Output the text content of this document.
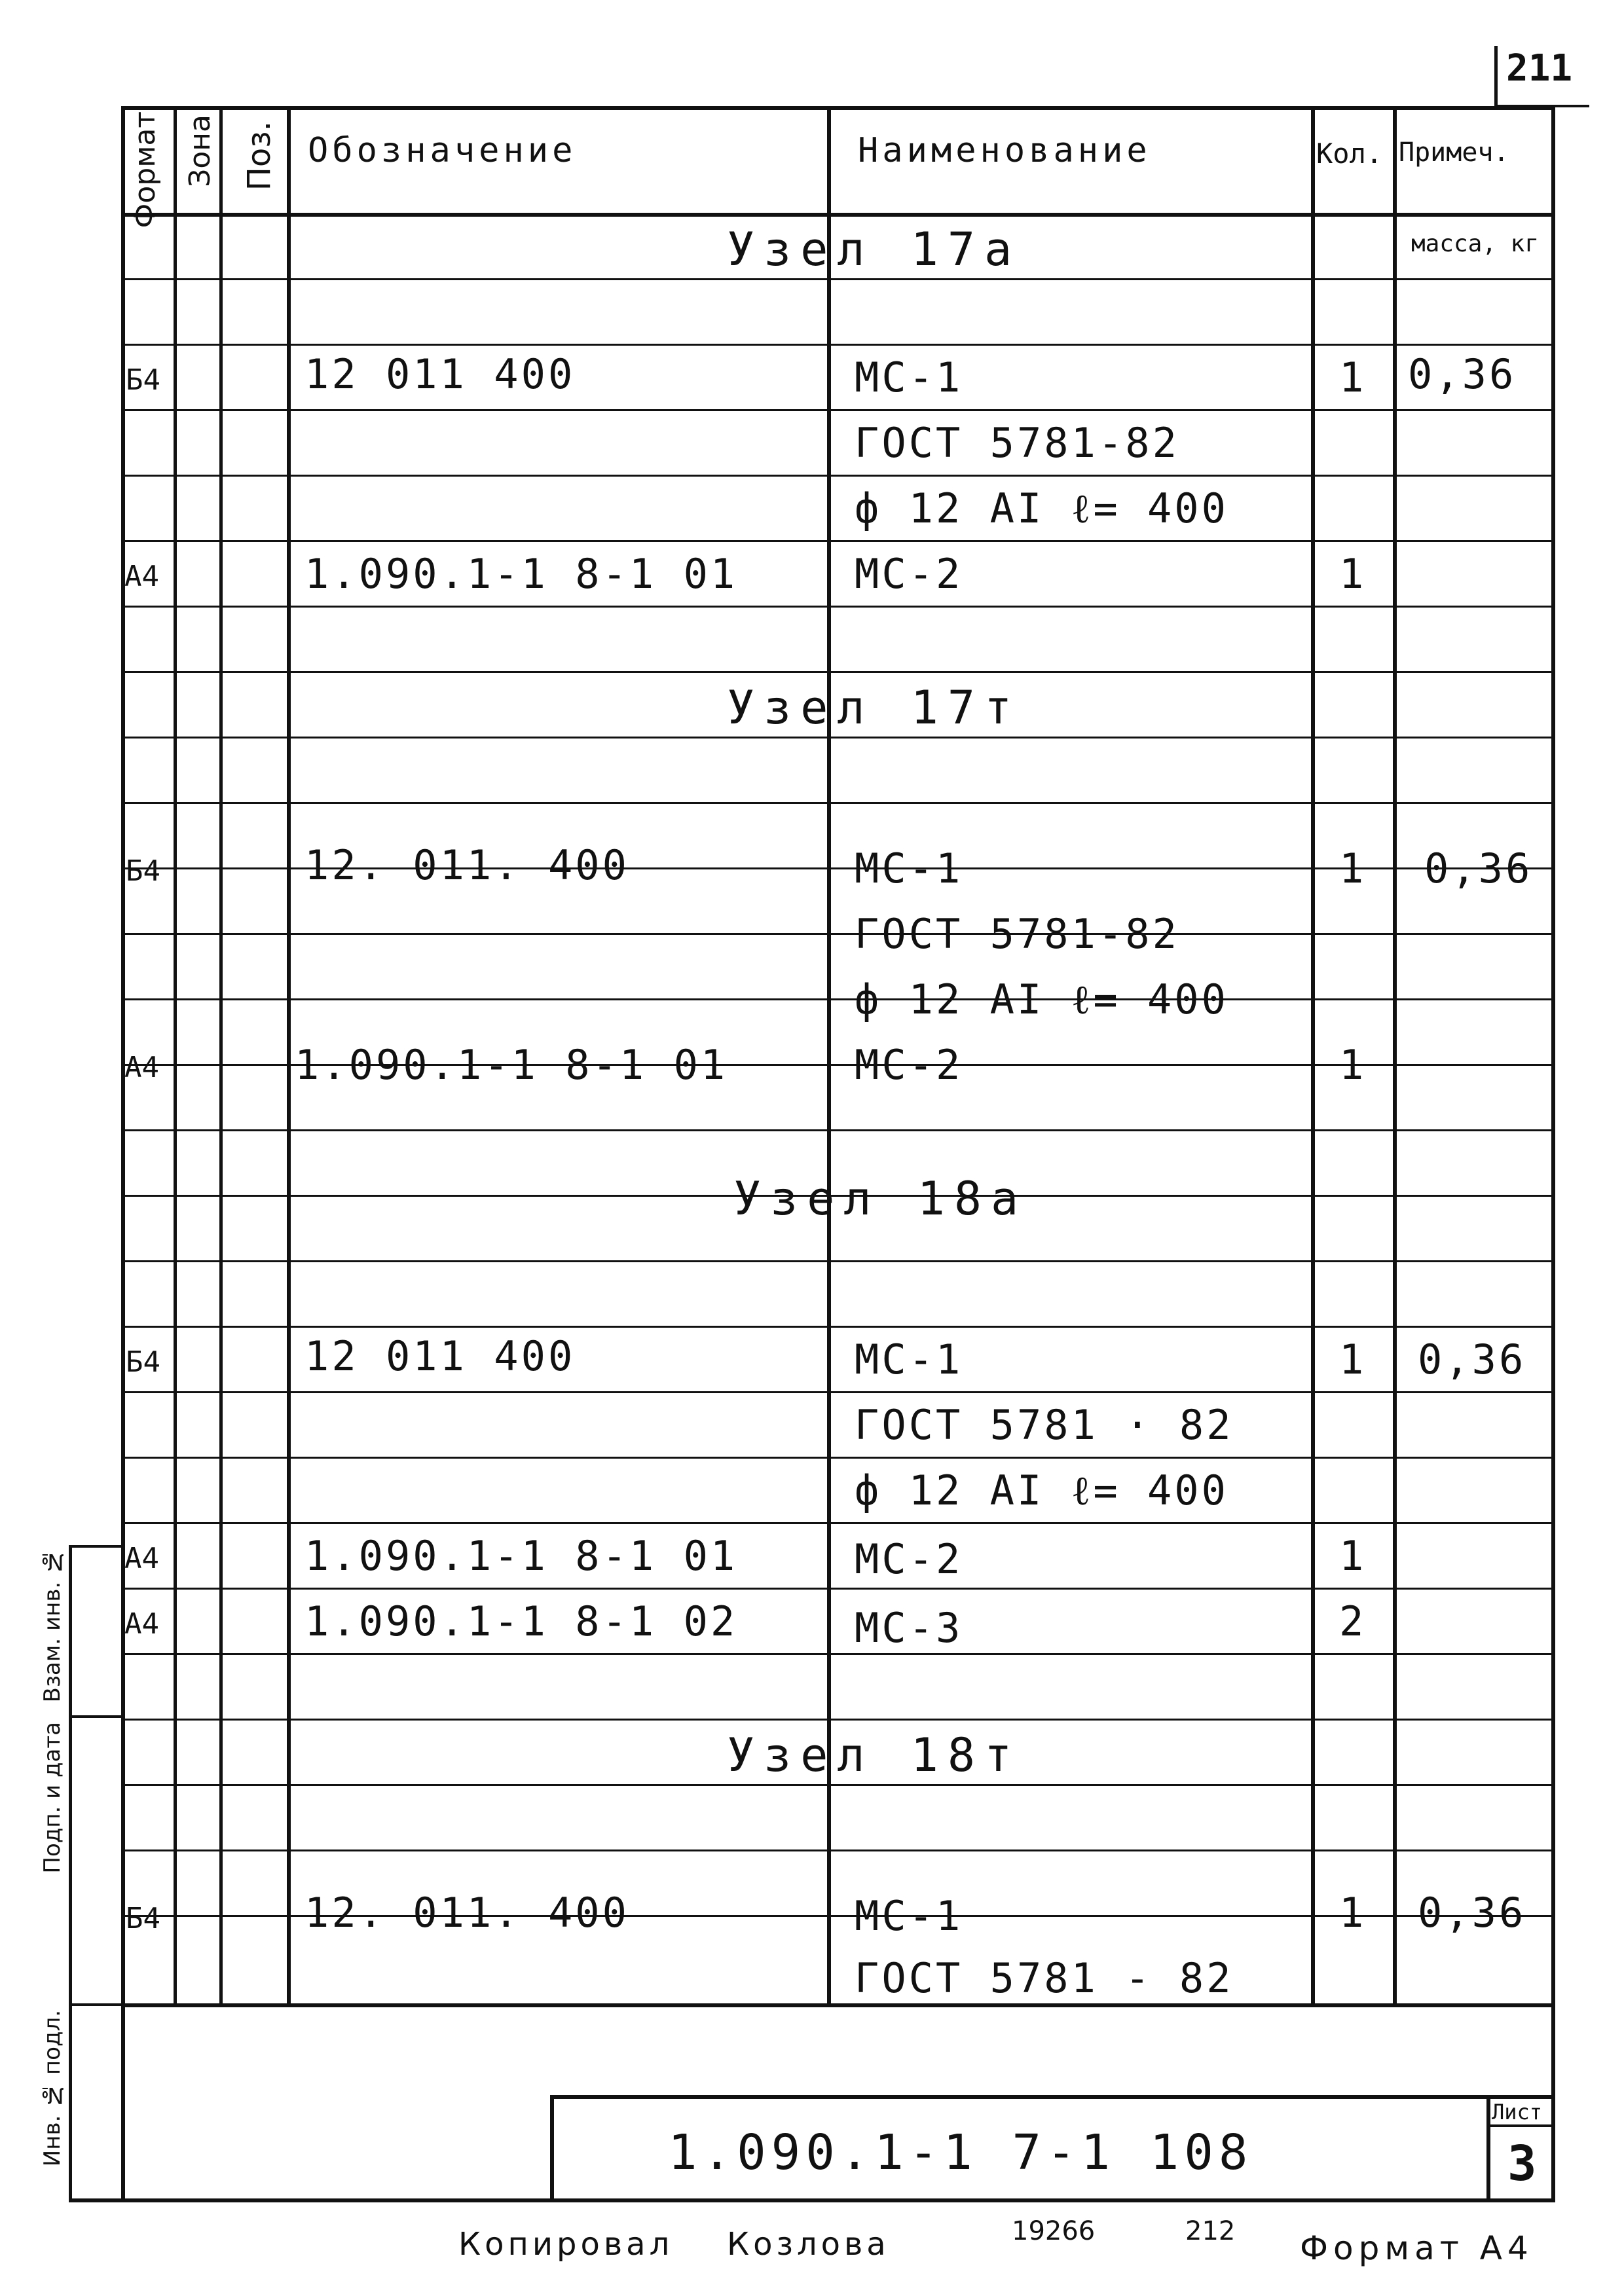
211
Формат Зона Поз. Обозначение	Наименование	Кол. Примеч.
масса, кг
Узел 17а
Б4	12 011 400	МС-1	1 0,36
ГОСТ 5781-82
ф 12 АI ℓ= 400
А4	1.090.1-1 8-1 01	МС-2	1
Узел 17т
Б4	12. 011. 400	МС-1	1 0,36
ГОСТ 5781-82
ф 12 АI ℓ= 400
А4	1.090.1-1 8-1 01	МС-2	1
Узел 18а
Б4	12 011 400	МС-1	1 0,36
ГОСТ 5781 · 82
ф 12 АI ℓ= 400
А4	1.090.1-1 8-1 01	МС-2	1
А4	1.090.1-1 8-1 02	МС-3	2
Узел 18т
Б4	12. 011. 400	МС-1	1 0,36
ГОСТ 5781 - 82
Взам. инв. №
Подп. и дата
Инв. № подл.	1.090.1-1 7-1 108
Лист
3
Копировал Козлова	19266	212 Формат А4
